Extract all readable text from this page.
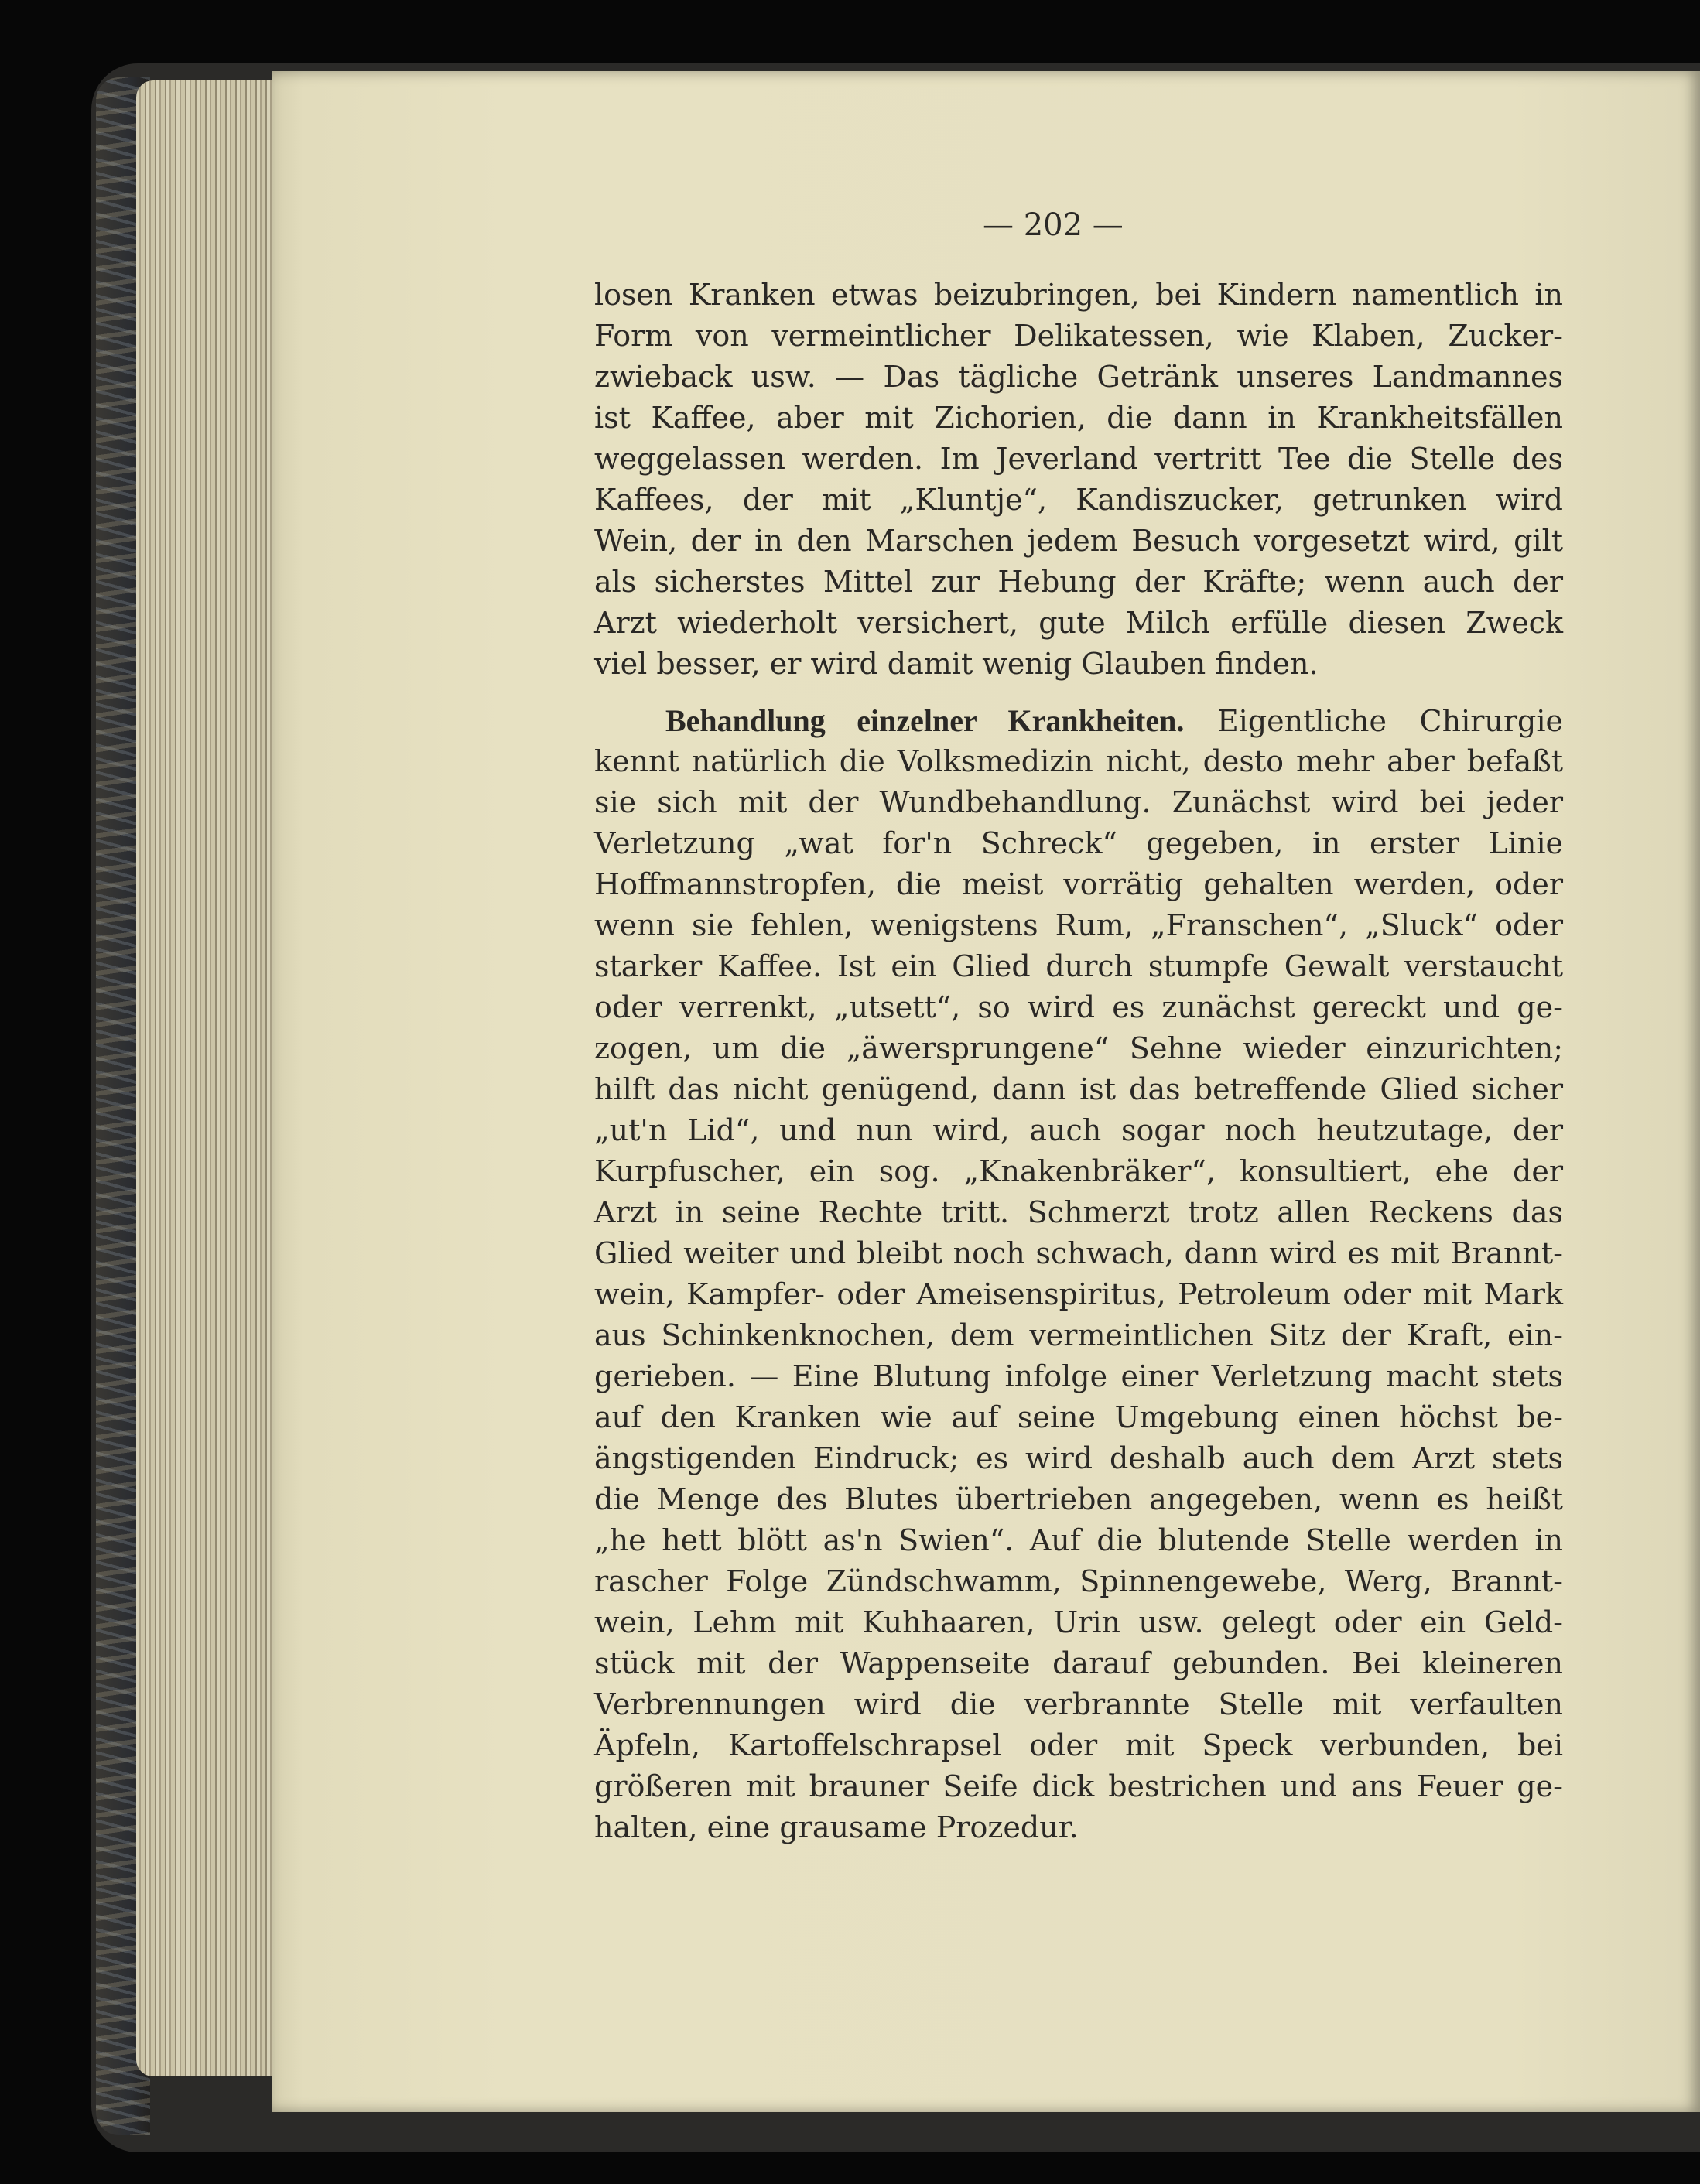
— 202 —
losen Kranken etwas beizubringen, bei Kindern namentlich in
Form von vermeintlicher Delikatessen, wie Klaben, Zucker-
zwieback usw. — Das tägliche Getränk unseres Landmannes
ist Kaffee, aber mit Zichorien, die dann in Krankheitsfällen
weggelassen werden. Im Jeverland vertritt Tee die Stelle des
Kaffees, der mit „Kluntje“, Kandiszucker, getrunken wird
Wein, der in den Marschen jedem Besuch vorgesetzt wird, gilt
als sicherstes Mittel zur Hebung der Kräfte; wenn auch der
Arzt wiederholt versichert, gute Milch erfülle diesen Zweck
viel besser, er wird damit wenig Glauben finden.
Behandlung einzelner Krankheiten. Eigentliche Chirurgie
kennt natürlich die Volksmedizin nicht, desto mehr aber befaßt
sie sich mit der Wundbehandlung. Zunächst wird bei jeder
Verletzung „wat for'n Schreck“ gegeben, in erster Linie
Hoffmannstropfen, die meist vorrätig gehalten werden, oder
wenn sie fehlen, wenigstens Rum, „Franschen“, „Sluck“ oder
starker Kaffee. Ist ein Glied durch stumpfe Gewalt verstaucht
oder verrenkt, „utsett“, so wird es zunächst gereckt und ge-
zogen, um die „äwersprungene“ Sehne wieder einzurichten;
hilft das nicht genügend, dann ist das betreffende Glied sicher
„ut'n Lid“, und nun wird, auch sogar noch heutzutage, der
Kurpfuscher, ein sog. „Knakenbräker“, konsultiert, ehe der
Arzt in seine Rechte tritt. Schmerzt trotz allen Reckens das
Glied weiter und bleibt noch schwach, dann wird es mit Brannt-
wein, Kampfer- oder Ameisenspiritus, Petroleum oder mit Mark
aus Schinkenknochen, dem vermeintlichen Sitz der Kraft, ein-
gerieben. — Eine Blutung infolge einer Verletzung macht stets
auf den Kranken wie auf seine Umgebung einen höchst be-
ängstigenden Eindruck; es wird deshalb auch dem Arzt stets
die Menge des Blutes übertrieben angegeben, wenn es heißt
„he hett blött as'n Swien“. Auf die blutende Stelle werden in
rascher Folge Zündschwamm, Spinnengewebe, Werg, Brannt-
wein, Lehm mit Kuhhaaren, Urin usw. gelegt oder ein Geld-
stück mit der Wappenseite darauf gebunden. Bei kleineren
Verbrennungen wird die verbrannte Stelle mit verfaulten
Äpfeln, Kartoffelschrapsel oder mit Speck verbunden, bei
größeren mit brauner Seife dick bestrichen und ans Feuer ge-
halten, eine grausame Prozedur.
